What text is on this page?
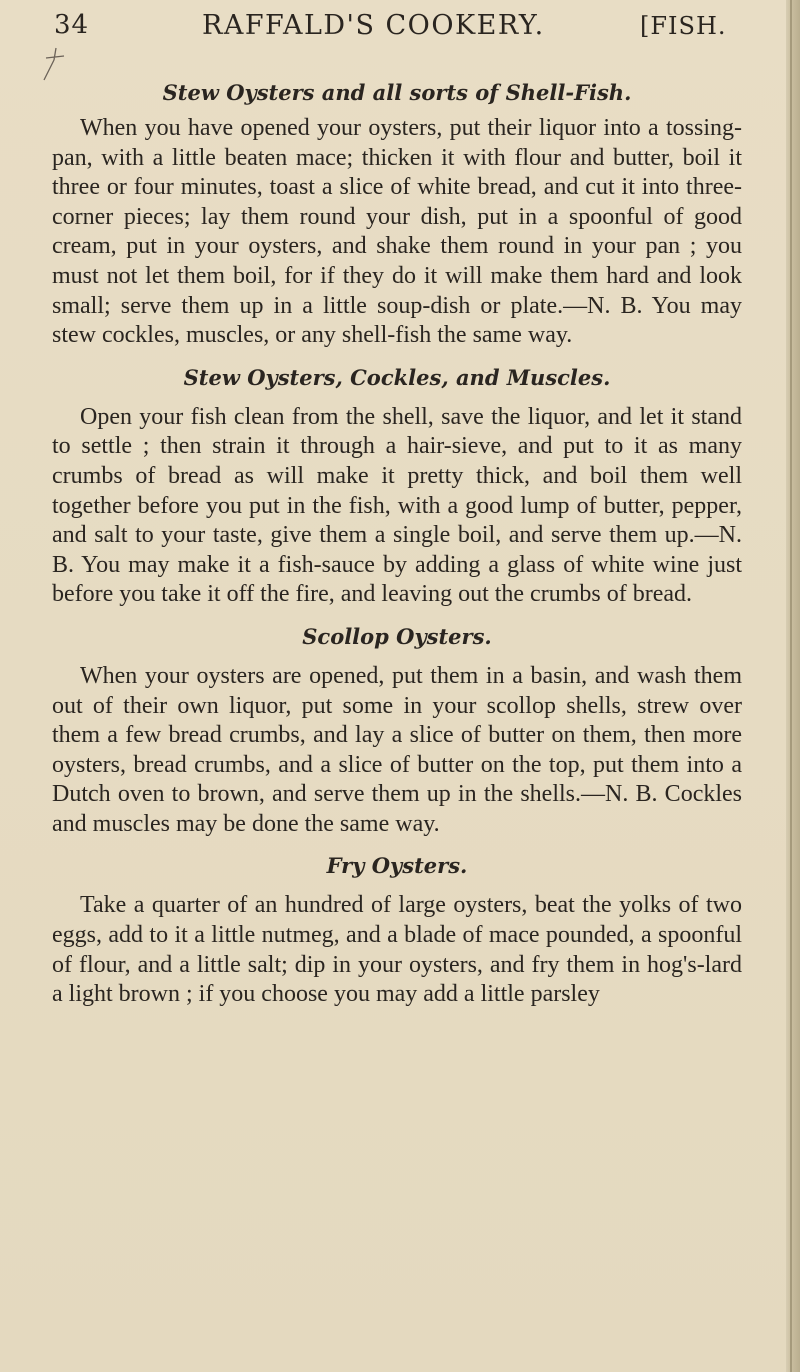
34	RAFFALD'S COOKERY.	[FISH.
Stew Oysters and all sorts of Shell-Fish.

When you have opened your oysters, put their liquor into a tossing-pan, with a little beaten mace; thicken it with flour and butter, boil it three or four minutes, toast a slice of white bread, and cut it into three-corner pieces; lay them round your dish, put in a spoonful of good cream, put in your oysters, and shake them round in your pan ; you must not let them boil, for if they do it will make them hard and look small; serve them up in a little soup-dish or plate.—N. B. You may stew cockles, muscles, or any shell-fish the same way.

Stew Oysters, Cockles, and Muscles.

Open your fish clean from the shell, save the liquor, and let it stand to settle ; then strain it through a hair-sieve, and put to it as many crumbs of bread as will make it pretty thick, and boil them well together before you put in the fish, with a good lump of butter, pepper, and salt to your taste, give them a single boil, and serve them up.—N. B. You may make it a fish-sauce by adding a glass of white wine just before you take it off the fire, and leaving out the crumbs of bread.

Scollop Oysters.

When your oysters are opened, put them in a basin, and wash them out of their own liquor, put some in your scollop shells, strew over them a few bread crumbs, and lay a slice of butter on them, then more oysters, bread crumbs, and a slice of butter on the top, put them into a Dutch oven to brown, and serve them up in the shells.—N. B. Cockles and muscles may be done the same way.

Fry Oysters.

Take a quarter of an hundred of large oysters, beat the yolks of two eggs, add to it a little nutmeg, and a blade of mace pounded, a spoonful of flour, and a little salt; dip in your oysters, and fry them in hog's-lard a light brown ; if you choose you may add a little parsley
